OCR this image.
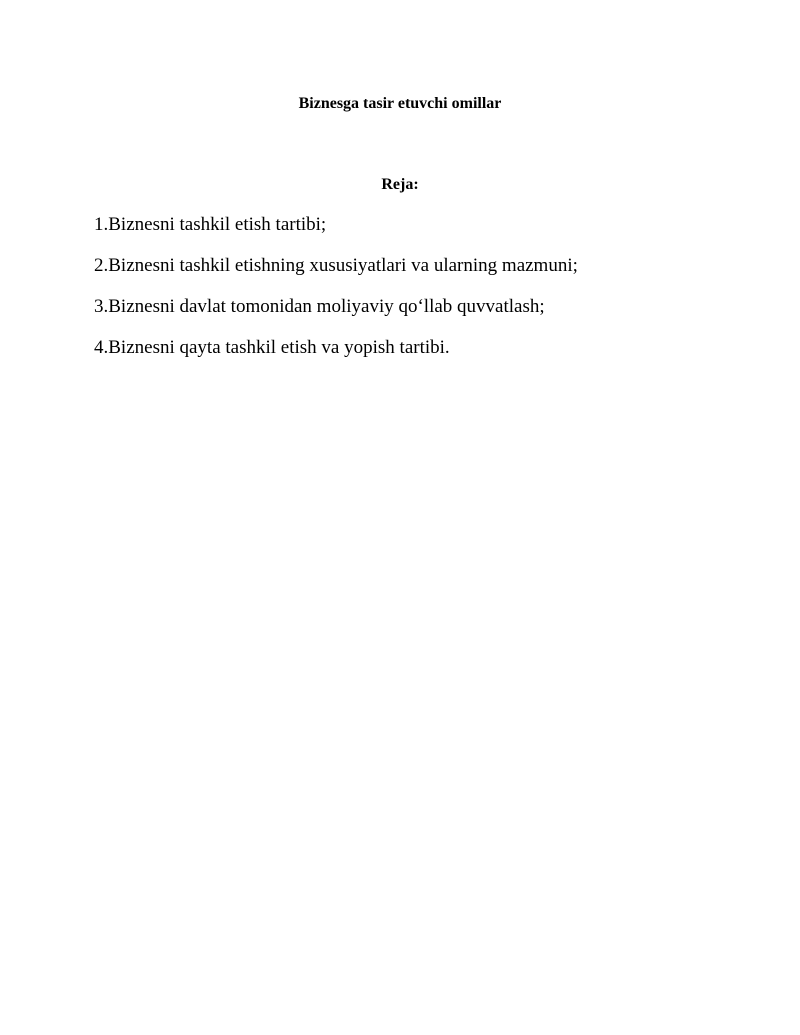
Biznesga tasir etuvchi omillar
Reja:
1.Biznesni tashkil etish tartibi;
2.Biznesni tashkil etishning xususiyatlari va ularning mazmuni;
3.Biznesni davlat tomonidan moliyaviy qo‘llab quvvatlash;
4.Biznesni qayta tashkil etish va yopish tartibi.
